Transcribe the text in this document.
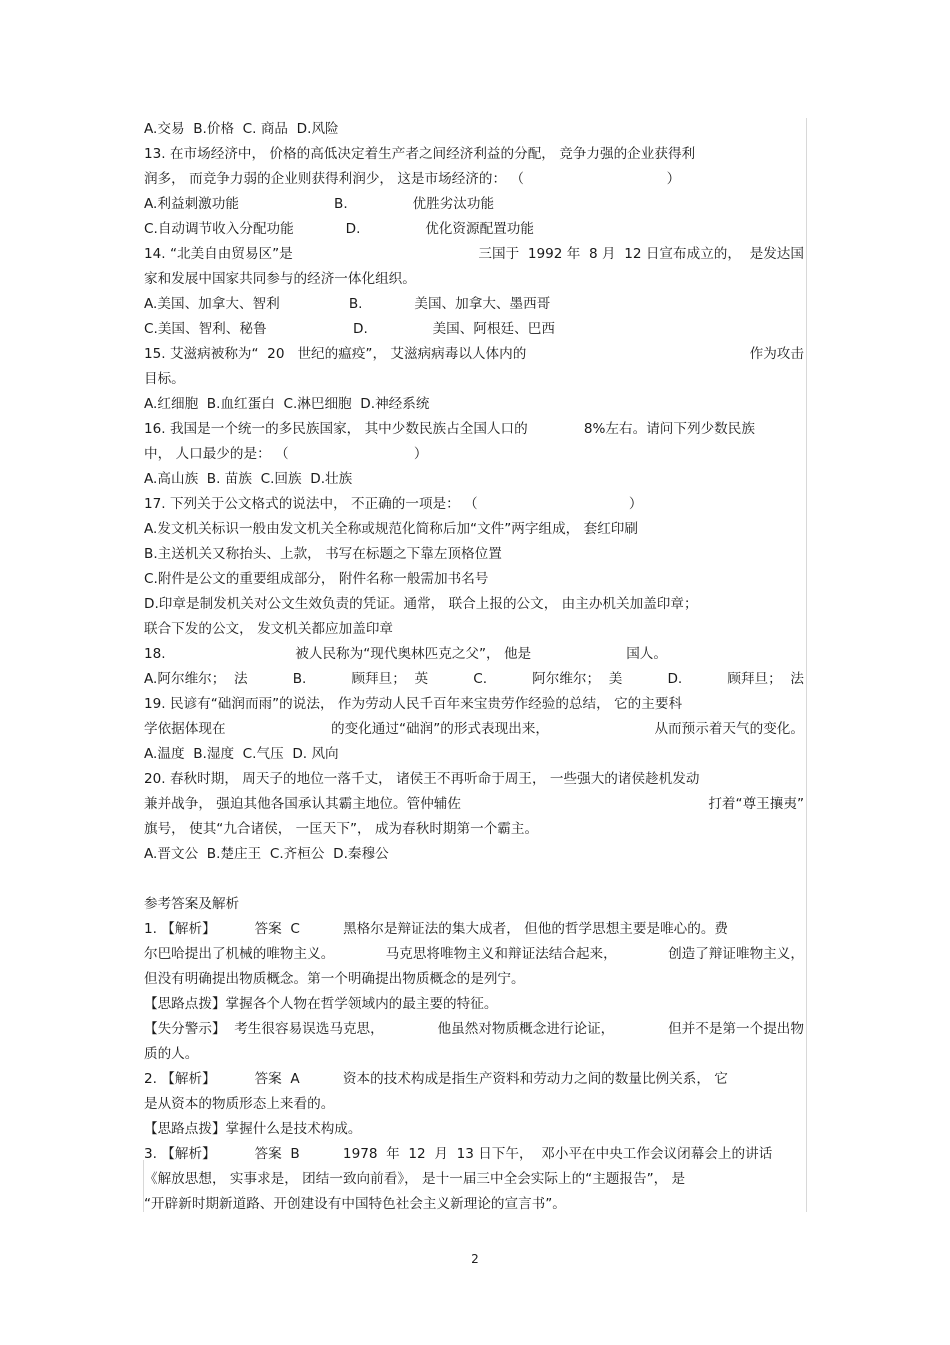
A.交易  B.价格  C. 商品  D.风险
13. 在市场经济中， 价格的高低决定着生产者之间经济利益的分配， 竞争力强的企业获得利
润多， 而竞争力弱的企业则获得利润少， 这是市场经济的： （                                 ）
A.利益刺激功能                      B.               优胜劣汰功能
C.自动调节收入分配功能            D.               优化资源配置功能
14. “北美自由贸易区”是	三国于  1992 年  8 月  12 日宣布成立的，  是发达国
家和发展中国家共同参与的经济一体化组织。
A.美国、加拿大、智利                B.            美国、加拿大、墨西哥
C.美国、智利、秘鲁                    D.               美国、阿根廷、巴西
15. 艾滋病被称为“  20   世纪的瘟疫”， 艾滋病病毒以人体内的	作为攻击
目标。
A.红细胞  B.血红蛋白  C.淋巴细胞  D.神经系统
16. 我国是一个统一的多民族国家， 其中少数民族占全国人口的             8%左右。请问下列少数民族
中， 人口最少的是： （                             ）
A.高山族  B. 苗族  C.回族  D.壮族
17. 下列关于公文格式的说法中， 不正确的一项是： （                                   ）
A.发文机关标识一般由发文机关全称或规范化简称后加“文件”两字组成， 套红印刷
B.主送机关又称抬头、上款， 书写在标题之下靠左顶格位置
C.附件是公文的重要组成部分， 附件名称一般需加书名号
D.印章是制发机关对公文生效负责的凭证。通常， 联合上报的公文， 由主办机关加盖印章；
联合下发的公文， 发文机关都应加盖印章
18.                              被人民称为“现代奥林匹克之父”， 他是                      国人。
A.阿尔维尔；  法	B.	顾拜旦；  英	C.	阿尔维尔；  美	D.	顾拜旦；  法
19. 民谚有“础润而雨”的说法， 作为劳动人民千百年来宝贵劳作经验的总结， 它的主要科
学依据体现在	的变化通过“础润”的形式表现出来，	从而预示着天气的变化。
A.温度  B.湿度  C.气压  D. 风向
20. 春秋时期， 周天子的地位一落千丈， 诸侯王不再听命于周王， 一些强大的诸侯趁机发动
兼并战争， 强迫其他各国承认其霸主地位。管仲辅佐	打着“尊王攘夷”
旗号， 使其“九合诸侯， 一匡天下”， 成为春秋时期第一个霸主。
A.晋文公  B.楚庄王  C.齐桓公  D.秦穆公
参考答案及解析
1. 【解析】         答案  C          黑格尔是辩证法的集大成者， 但他的哲学思想主要是唯心的。费
尔巴哈提出了机械的唯物主义。	马克思将唯物主义和辩证法结合起来，	创造了辩证唯物主义，
但没有明确提出物质概念。第一个明确提出物质概念的是列宁。
【思路点拨】掌握各个人物在哲学领域内的最主要的特征。
【失分警示】  考生很容易误选马克思，	他虽然对物质概念进行论证，	但并不是第一个提出物
质的人。
2. 【解析】         答案  A          资本的技术构成是指生产资料和劳动力之间的数量比例关系， 它
是从资本的物质形态上来看的。
【思路点拨】掌握什么是技术构成。
3. 【解析】         答案  B          1978  年  12  月  13 日下午，  邓小平在中央工作会议闭幕会上的讲话
《解放思想， 实事求是， 团结一致向前看》， 是十一届三中全会实际上的“主题报告”， 是
“开辟新时期新道路、开创建设有中国特色社会主义新理论的宣言书”。
2
